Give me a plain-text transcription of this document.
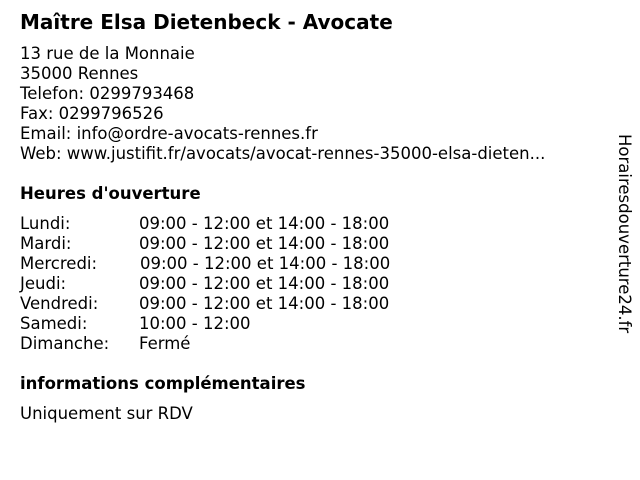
Maître Elsa Dietenbeck - Avocate
13 rue de la Monnaie
35000 Rennes
Telefon: 0299793468
Fax: 0299796526
Email: info@ordre-avocats-rennes.fr
Web: www.justifit.fr/avocats/avocat-rennes-35000-elsa-dieten...
Heures d'ouverture
Lundi:	09:00 - 12:00 et 14:00 - 18:00
Mardi:	09:00 - 12:00 et 14:00 - 18:00
Mercredi:	09:00 - 12:00 et 14:00 - 18:00
Jeudi:	09:00 - 12:00 et 14:00 - 18:00
Vendredi: 09:00 - 12:00 et 14:00 - 18:00
Samedi:	10:00 - 12:00
Dimanche: Fermé
informations complémentaires
Uniquement sur RDV
Horairesdouverture24.fr
